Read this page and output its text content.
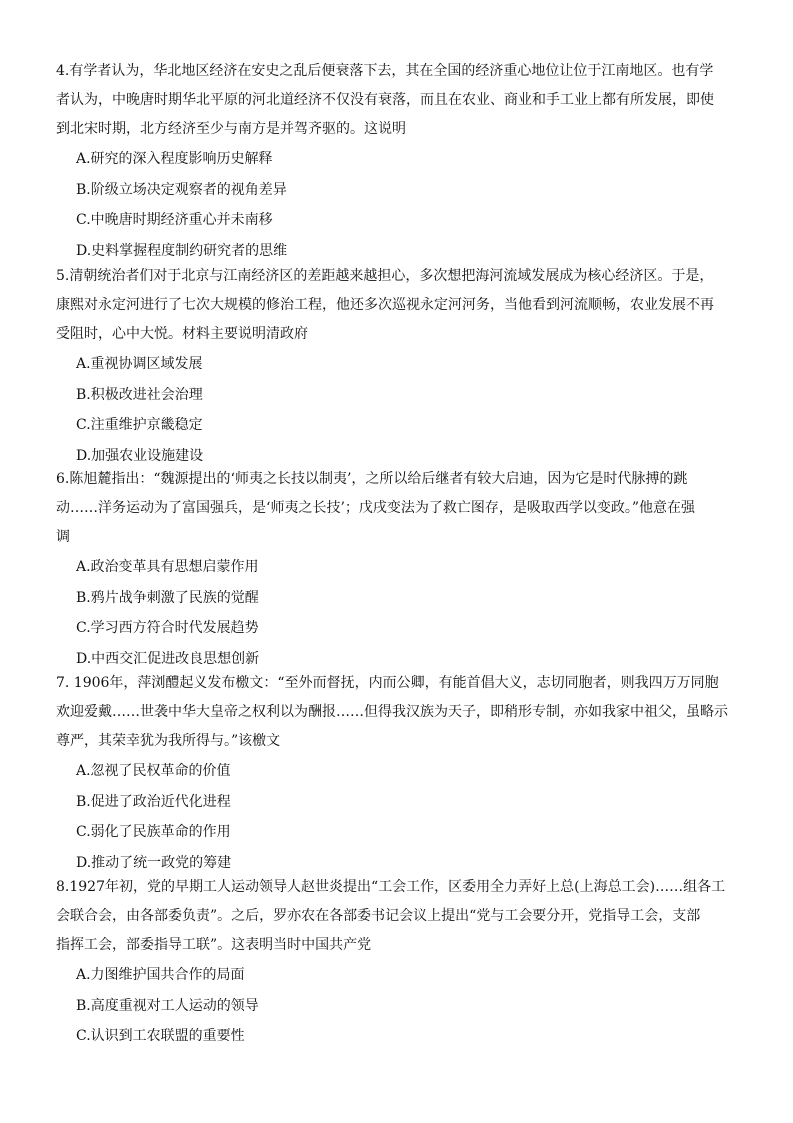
4.有学者认为，华北地区经济在安史之乱后便衰落下去，其在全国的经济重心地位让位于江南地区。也有学
者认为，中晚唐时期华北平原的河北道经济不仅没有衰落，而且在农业、商业和手工业上都有所发展，即使
到北宋时期，北方经济至少与南方是并驾齐驱的。这说明
A.研究的深入程度影响历史解释
B.阶级立场决定观察者的视角差异
C.中晚唐时期经济重心并未南移
D.史料掌握程度制约研究者的思维
5.清朝统治者们对于北京与江南经济区的差距越来越担心，多次想把海河流域发展成为核心经济区。于是，
康熙对永定河进行了七次大规模的修治工程，他还多次巡视永定河河务，当他看到河流顺畅，农业发展不再
受阻时，心中大悦。材料主要说明清政府
A.重视协调区域发展
B.积极改进社会治理
C.注重维护京畿稳定
D.加强农业设施建设
6.陈旭麓指出：“魏源提出的‘师夷之长技以制夷’，之所以给后继者有较大启迪，因为它是时代脉搏的跳
动……洋务运动为了富国强兵，是‘师夷之长技’；戊戌变法为了救亡图存，是吸取西学以变政。”他意在强
调
A.政治变革具有思想启蒙作用
B.鸦片战争刺激了民族的觉醒
C.学习西方符合时代发展趋势
D.中西交汇促进改良思想创新
7. 1906年，萍浏醴起义发布檄文：“至外而督抚，内而公卿，有能首倡大义，志切同胞者，则我四万万同胞
欢迎爱戴……世袭中华大皇帝之权利以为酬报……但得我汉族为天子，即稍形专制，亦如我家中祖父，虽略示
尊严，其荣幸犹为我所得与。”该檄文
A.忽视了民权革命的价值
B.促进了政治近代化进程
C.弱化了民族革命的作用
D.推动了统一政党的筹建
8.1927年初，党的早期工人运动领导人赵世炎提出“工会工作，区委用全力弄好上总(上海总工会)……组各工
会联合会，由各部委负责”。之后，罗亦农在各部委书记会议上提出“党与工会要分开，党指导工会，支部
指挥工会，部委指导工联”。这表明当时中国共产党
A.力图维护国共合作的局面
B.高度重视对工人运动的领导
C.认识到工农联盟的重要性
